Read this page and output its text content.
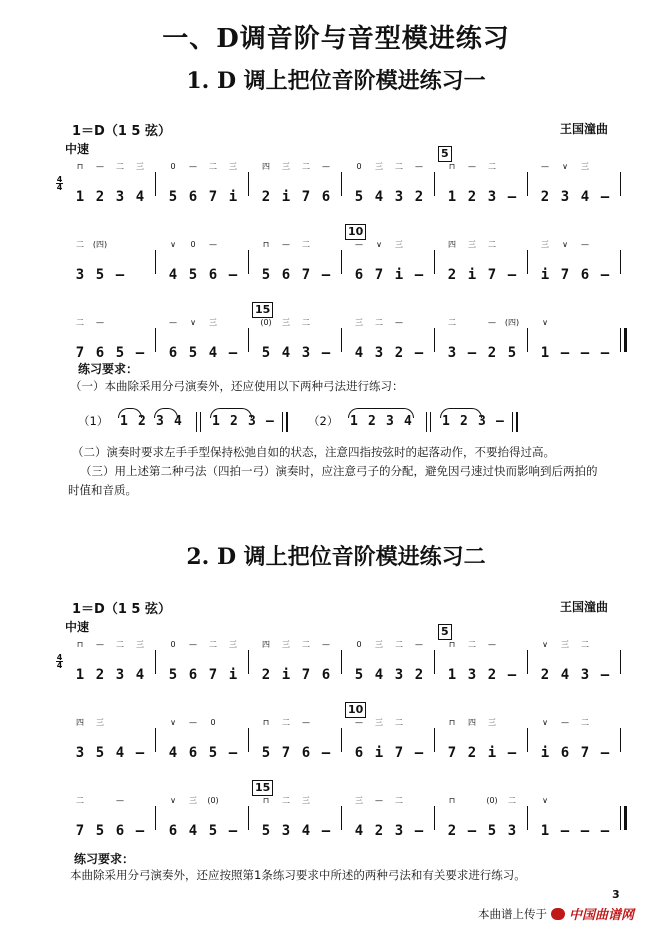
一、D调音阶与音型模进练习
1. D 调上把位音阶模进练习一
1＝D（1 5 弦）	王国潼曲
中速
4
4
⊓
1
—
2
二
3
三
4
0
5
—
6
二
7
三
i
四
2
三
i
二
7
—
6
0
5
三
4
二
3
—
2
⊓
1
—
2
二
3 –
—
2
∨
3
三
4 –
二
3
(四)
5 –
∨
4
0
5
—
6 –
⊓
5
—
6
二
7 –
—
6
∨
7
三
i –
四
2
三
i
二
7 –
三
i
∨
7
—
6 –
二
7
—
6 5 –
—
6
∨
5
三
4 –
(0)
5
三
4
二
3 –
三
4
二
3
—
2 –
二
3 –
—
2
(四)
5
∨
1 – – –
5
10
15
练习要求：
（一）本曲除采用分弓演奏外，还应使用以下两种弓法进行练习：
（1） 1 2 3 4 1 2 3 –	（2） 1 2 3 4 1 2 3 –
（二）演奏时要求左手手型保持松弛自如的状态，注意四指按弦时的起落动作，不要抬得过高。
（三）用上述第二种弓法（四拍一弓）演奏时，应注意弓子的分配，避免因弓速过快而影响到后两拍的
时值和音质。
2. D 调上把位音阶模进练习二
1＝D（1 5 弦）	王国潼曲
中速
4
4
⊓
1
—
2
二
3
三
4
0
5
—
6
二
7
三
i
四
2
三
i
二
7
—
6
0
5
三
4
二
3
—
2
⊓
1
二
3
—
2 –
∨
2
三
4
二
3 –
四
3
三
5 4 –
∨
4
—
6
0
5 –
⊓
5
二
7
—
6 –
—
6
三
i
二
7 –
⊓
7
四
2
三
i –
∨
i
—
6
二
7 –
二
7 5
—
6 –
∨
6
三
4
(0)
5 –
⊓
5
二
3
三
4 –
三
4
—
2
二
3 –
⊓
2 –
(0)
5
二
3
∨
1 – – –
5
10
15
练习要求：
本曲除采用分弓演奏外，还应按照第1条练习要求中所述的两种弓法和有关要求进行练习。
3
本曲谱上传于 中国曲谱网
